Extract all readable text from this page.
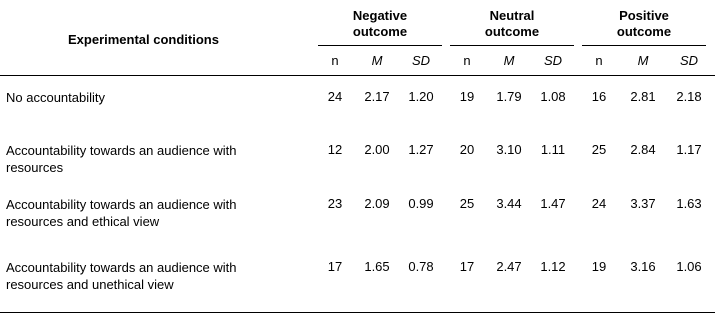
Experimental conditions
Negative
outcome
Neutral
outcome
Positive
outcome
n	M	SD	n	M	SD	n	M	SD
No accountability	24	2.17	1.20	19	1.79	1.08	16	2.81	2.18
Accountability towards an audience with
resources
12	2.00	1.27	20	3.10	1.11	25	2.84	1.17
Accountability towards an audience with
resources and ethical view
23	2.09	0.99	25	3.44	1.47	24	3.37	1.63
Accountability towards an audience with
resources and unethical view
17	1.65	0.78	17	2.47	1.12	19	3.16	1.06
